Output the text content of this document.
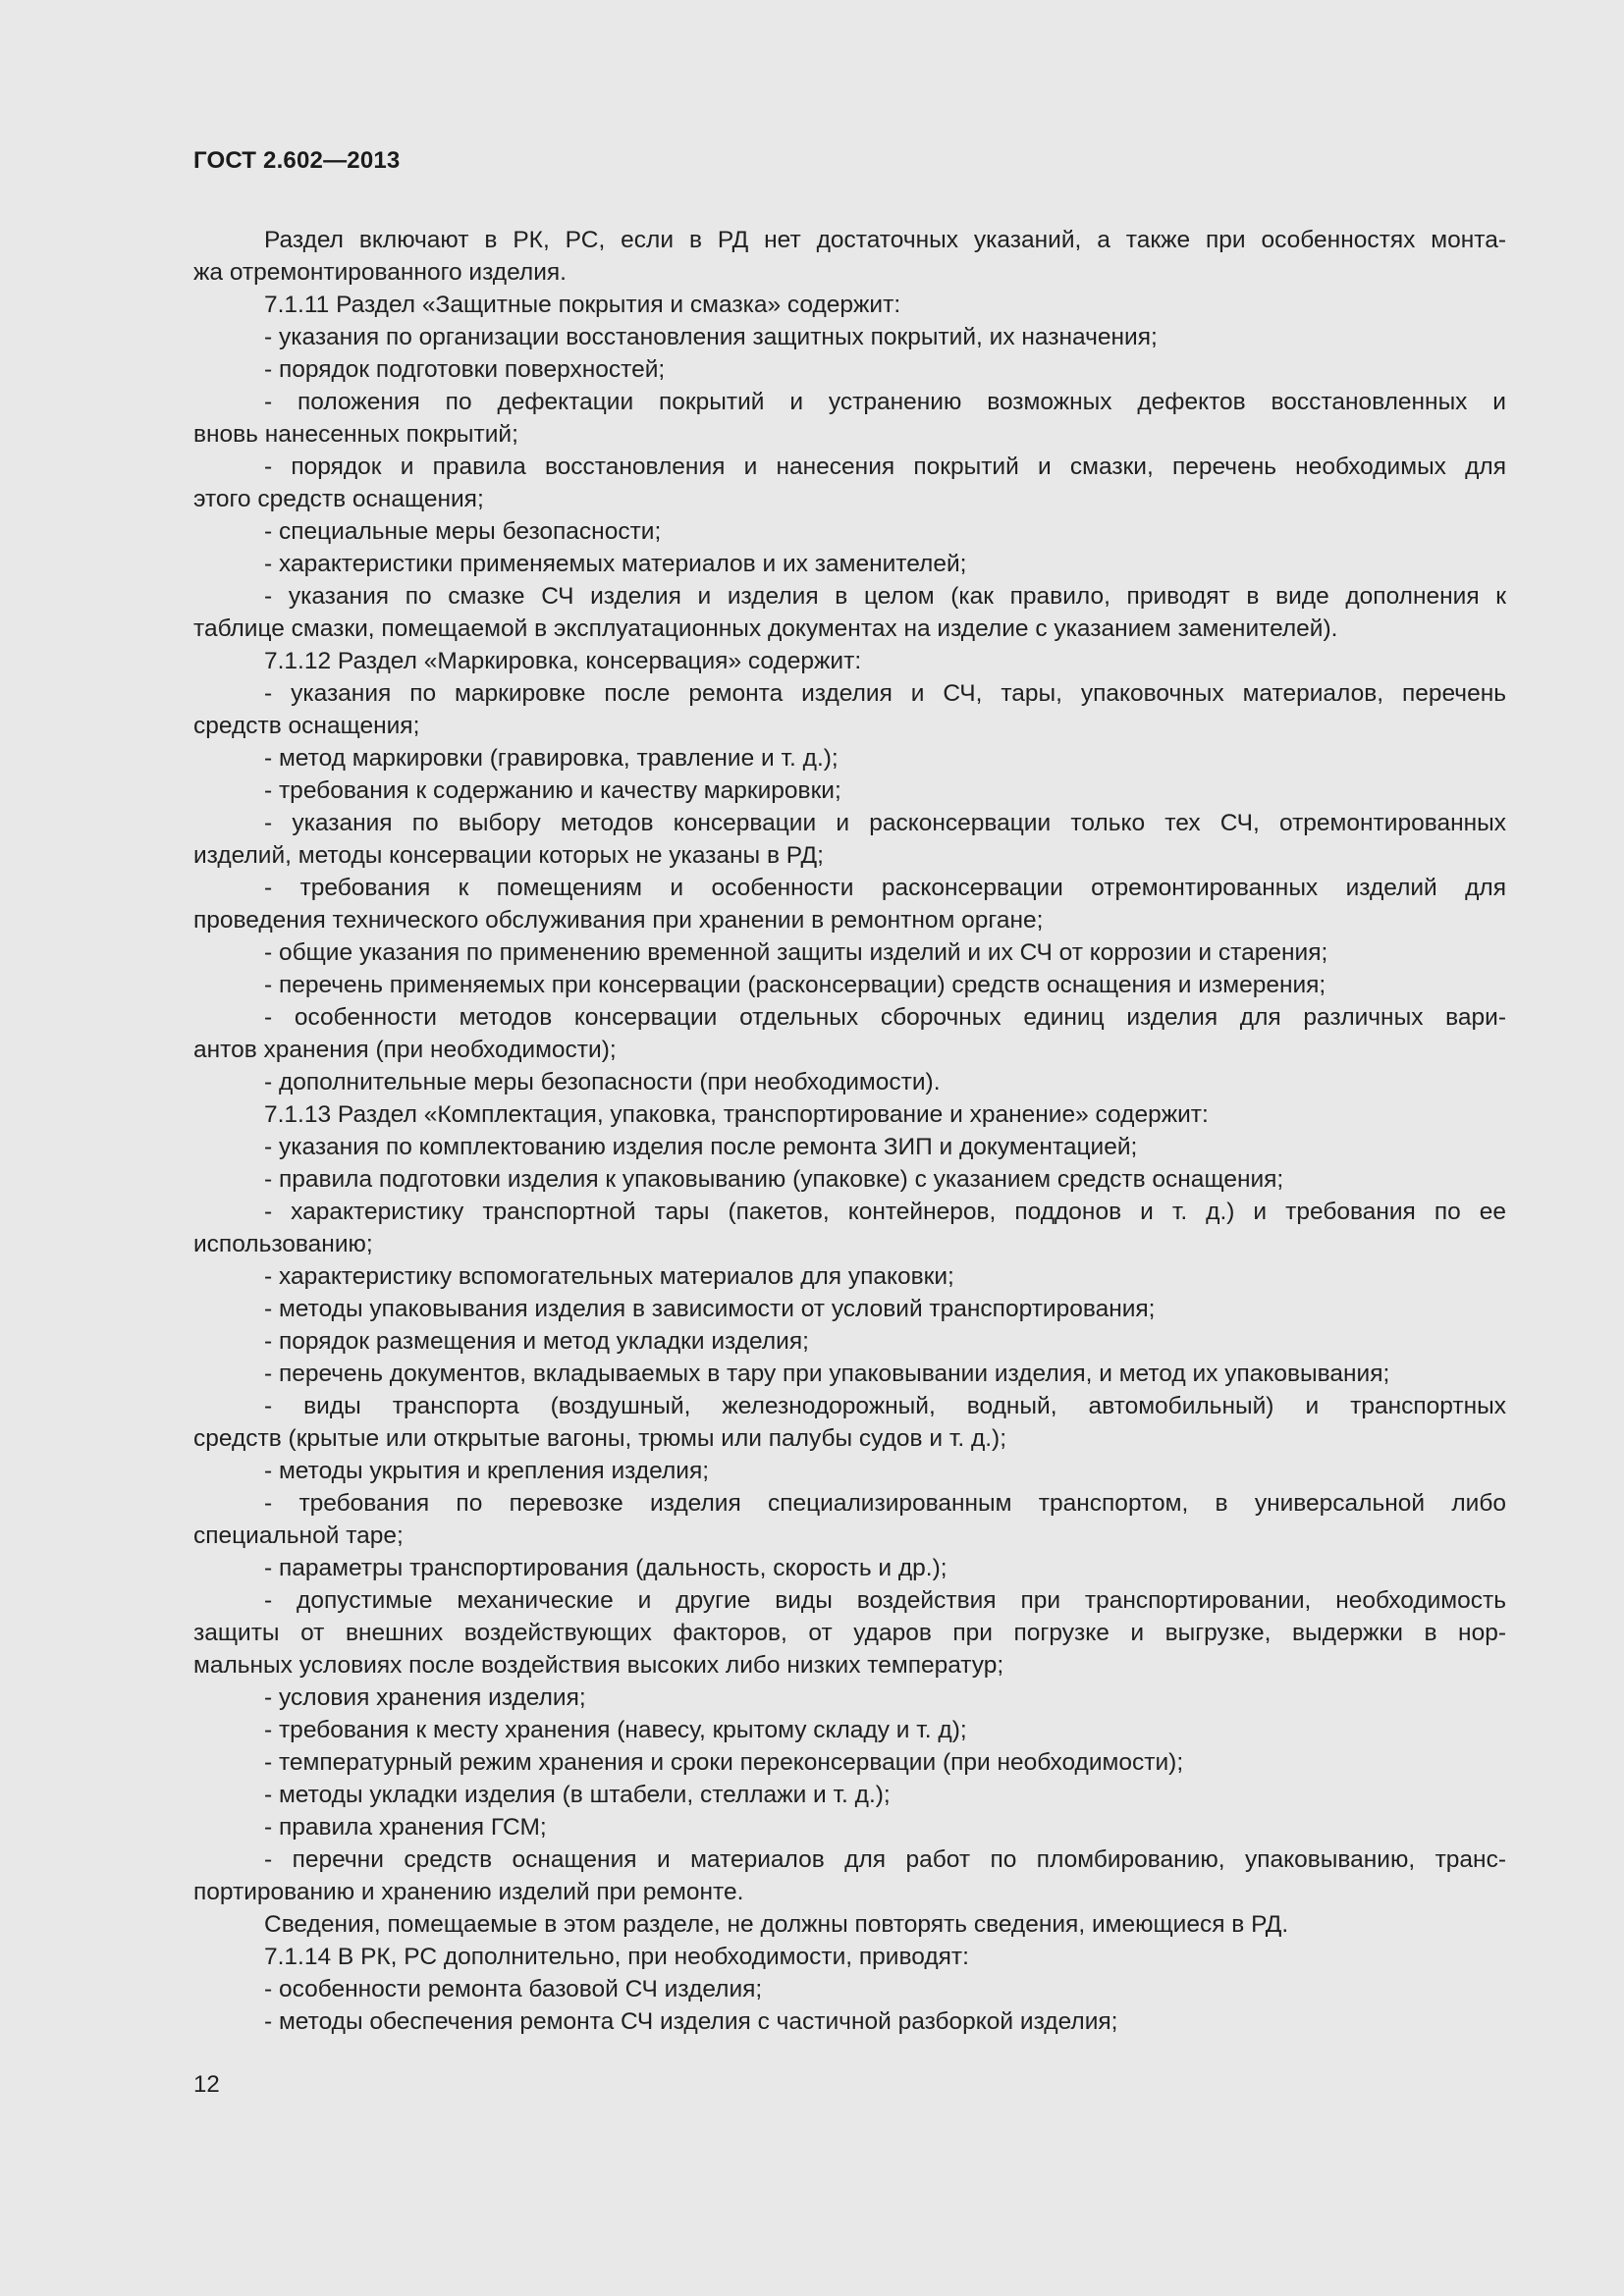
ГОСТ 2.602—2013
Раздел включают в РК, РС, если в РД нет достаточных указаний, а также при особенностях монта-
жа отремонтированного изделия.
7.1.11 Раздел «Защитные покрытия и смазка» содержит:
- указания по организации восстановления защитных покрытий, их назначения;
- порядок подготовки поверхностей;
- положения по дефектации покрытий и устранению возможных дефектов восстановленных и
вновь нанесенных покрытий;
- порядок и правила восстановления и нанесения покрытий и смазки, перечень необходимых для
этого средств оснащения;
- специальные меры безопасности;
- характеристики применяемых материалов и их заменителей;
- указания по смазке СЧ изделия и изделия в целом (как правило, приводят в виде дополнения к
таблице смазки, помещаемой в эксплуатационных документах на изделие с указанием заменителей).
7.1.12 Раздел «Маркировка, консервация» содержит:
- указания по маркировке после ремонта изделия и СЧ, тары, упаковочных материалов, перечень
средств оснащения;
- метод маркировки (гравировка, травление и т. д.);
- требования к содержанию и качеству маркировки;
- указания по выбору методов консервации и расконсервации только тех СЧ, отремонтированных
изделий, методы консервации которых не указаны в РД;
- требования к помещениям и особенности расконсервации отремонтированных изделий для
проведения технического обслуживания при хранении в ремонтном органе;
- общие указания по применению временной защиты изделий и их СЧ от коррозии и старения;
- перечень применяемых при консервации (расконсервации) средств оснащения и измерения;
- особенности методов консервации отдельных сборочных единиц изделия для различных вари-
антов хранения (при необходимости);
- дополнительные меры безопасности (при необходимости).
7.1.13 Раздел «Комплектация, упаковка, транспортирование и хранение» содержит:
- указания по комплектованию изделия после ремонта ЗИП и документацией;
- правила подготовки изделия к упаковыванию (упаковке) с указанием средств оснащения;
- характеристику транспортной тары (пакетов, контейнеров, поддонов и т. д.) и требования по ее
использованию;
- характеристику вспомогательных материалов для упаковки;
- методы упаковывания изделия в зависимости от условий транспортирования;
- порядок размещения и метод укладки изделия;
- перечень документов, вкладываемых в тару при упаковывании изделия, и метод их упаковывания;
- виды транспорта (воздушный, железнодорожный, водный, автомобильный) и транспортных
средств (крытые или открытые вагоны, трюмы или палубы судов и т. д.);
- методы укрытия и крепления изделия;
- требования по перевозке изделия специализированным транспортом, в универсальной либо
специальной таре;
- параметры транспортирования (дальность, скорость и др.);
- допустимые механические и другие виды воздействия при транспортировании, необходимость
защиты от внешних воздействующих факторов, от ударов при погрузке и выгрузке, выдержки в нор-
мальных условиях после воздействия высоких либо низких температур;
- условия хранения изделия;
- требования к месту хранения (навесу, крытому складу и т. д);
- температурный режим хранения и сроки переконсервации (при необходимости);
- методы укладки изделия (в штабели, стеллажи и т. д.);
- правила хранения ГСМ;
- перечни средств оснащения и материалов для работ по пломбированию, упаковыванию, транс-
портированию и хранению изделий при ремонте.
Сведения, помещаемые в этом разделе, не должны повторять сведения, имеющиеся в РД.
7.1.14 В РК, РС дополнительно, при необходимости, приводят:
- особенности ремонта базовой СЧ изделия;
- методы обеспечения ремонта СЧ изделия с частичной разборкой изделия;
12
